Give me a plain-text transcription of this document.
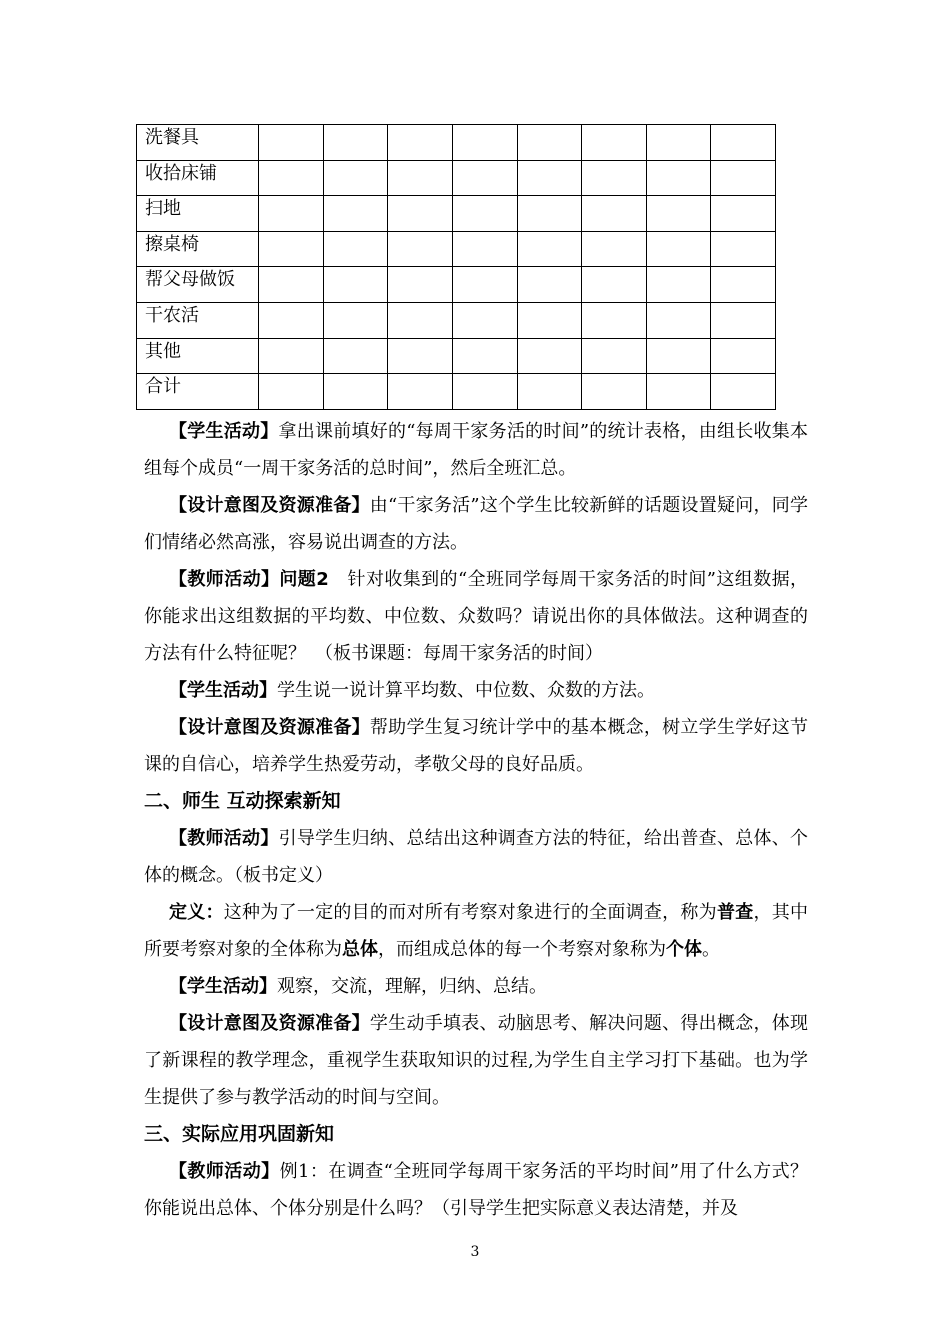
洗餐具								
收拾床铺								
扫地								
擦桌椅								
帮父母做饭								
干农活								
其他								
合计								

【学生活动】拿出课前填好的“每周干家务活的时间”的统计表格，由组长收集本组每个成员“一周干家务活的总时间”，然后全班汇总。

【设计意图及资源准备】由“干家务活”这个学生比较新鲜的话题设置疑问，同学们情绪必然高涨，容易说出调查的方法。

【教师活动】问题2　针对收集到的“全班同学每周干家务活的时间”这组数据，你能求出这组数据的平均数、中位数、众数吗？请说出你的具体做法。这种调查的方法有什么特征呢？　（板书课题：每周干家务活的时间）

【学生活动】学生说一说计算平均数、中位数、众数的方法。

【设计意图及资源准备】帮助学生复习统计学中的基本概念，树立学生学好这节课的自信心，培养学生热爱劳动，孝敬父母的良好品质。

二、师生 互动探索新知

【教师活动】引导学生归纳、总结出这种调查方法的特征，给出普查、总体、个体的概念。（板书定义）

定义：这种为了一定的目的而对所有考察对象进行的全面调查，称为普查，其中所要考察对象的全体称为总体，而组成总体的每一个考察对象称为个体。

【学生活动】观察，交流，理解，归纳、总结。

【设计意图及资源准备】学生动手填表、动脑思考、解决问题、得出概念，体现了新课程的教学理念，重视学生获取知识的过程,为学生自主学习打下基础。也为学生提供了参与教学活动的时间与空间。

三、实际应用巩固新知

【教师活动】例1：在调查“全班同学每周干家务活的平均时间”用了什么方式？　你能说出总体、个体分别是什么吗？（引导学生把实际意义表达清楚，并及

3
